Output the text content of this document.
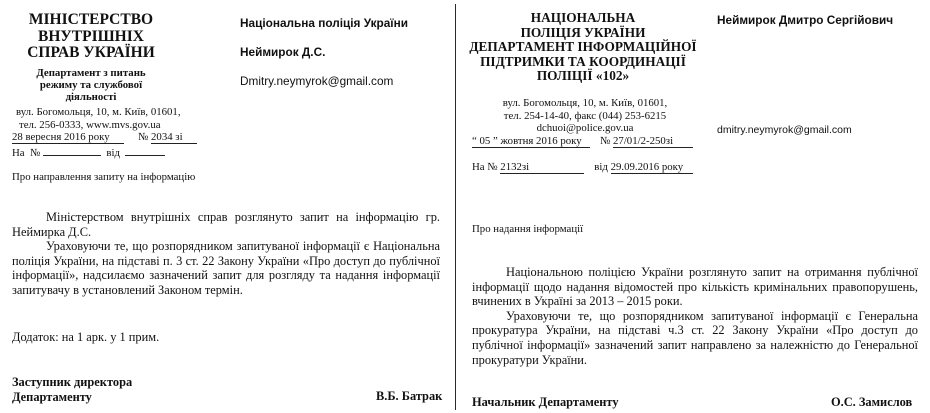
МІНІСТЕРСТВО ВНУТРІШНІХ СПРАВ УКРАЇНИ
Департамент з питань режиму та службової діяльності
вул. Богомольця, 10, м. Київ, 01601,
тел. 256-0333, www.mvs.gov.ua
28 вересня 2016 року	№ 2034 зі
На  №	від
Національна поліція України
Неймирок Д.С.
Dmitry.neymyrok@gmail.com
Про направлення запиту на інформацію

Міністерством внутрішніх справ розглянуто запит на інформацію гр. Неймирка Д.С.

Ураховуючи те, що розпорядником запитуваної інформації є Національна поліція України, на підставі п. 3 ст. 22 Закону України «Про доступ до публічної інформації», надсилаємо зазначений запит для розгляду та надання інформації запитувачу в установлений Законом термін.

Додаток: на 1 арк. у 1 прим.
Заступник директора
Департаменту	В.Б. Батрак
НАЦІОНАЛЬНА ПОЛІЦІЯ УКРАЇНИ
ДЕПАРТАМЕНТ ІНФОРМАЦІЙНОЇ ПІДТРИМКИ ТА КООРДИНАЦІЇ ПОЛІЦІЇ «102»
вул. Богомольця, 10, м. Київ, 01601,
тел. 254-14-40, факс (044) 253-6215
dchuoi@police.gov.ua
“ 05 ” жовтня 2016 року № 27/01/2-250зі
На № 2132зі	від 29.09.2016 року
Неймирок Дмитро Сергійович
dmitry.neymyrok@gmail.com
Про надання інформації

Національною поліцією України розглянуто запит на отримання публічної інформації щодо надання відомостей про кількість кримінальних правопорушень, вчинених в Україні за 2013 – 2015 роки.

Ураховуючи те, що розпорядником запитуваної інформації є Генеральна прокуратура України, на підставі ч.3 ст. 22 Закону України «Про доступ до публічної інформації» зазначений запит направлено за належністю до Генеральної прокуратури України.

Начальник Департаменту	О.С. Замислов
